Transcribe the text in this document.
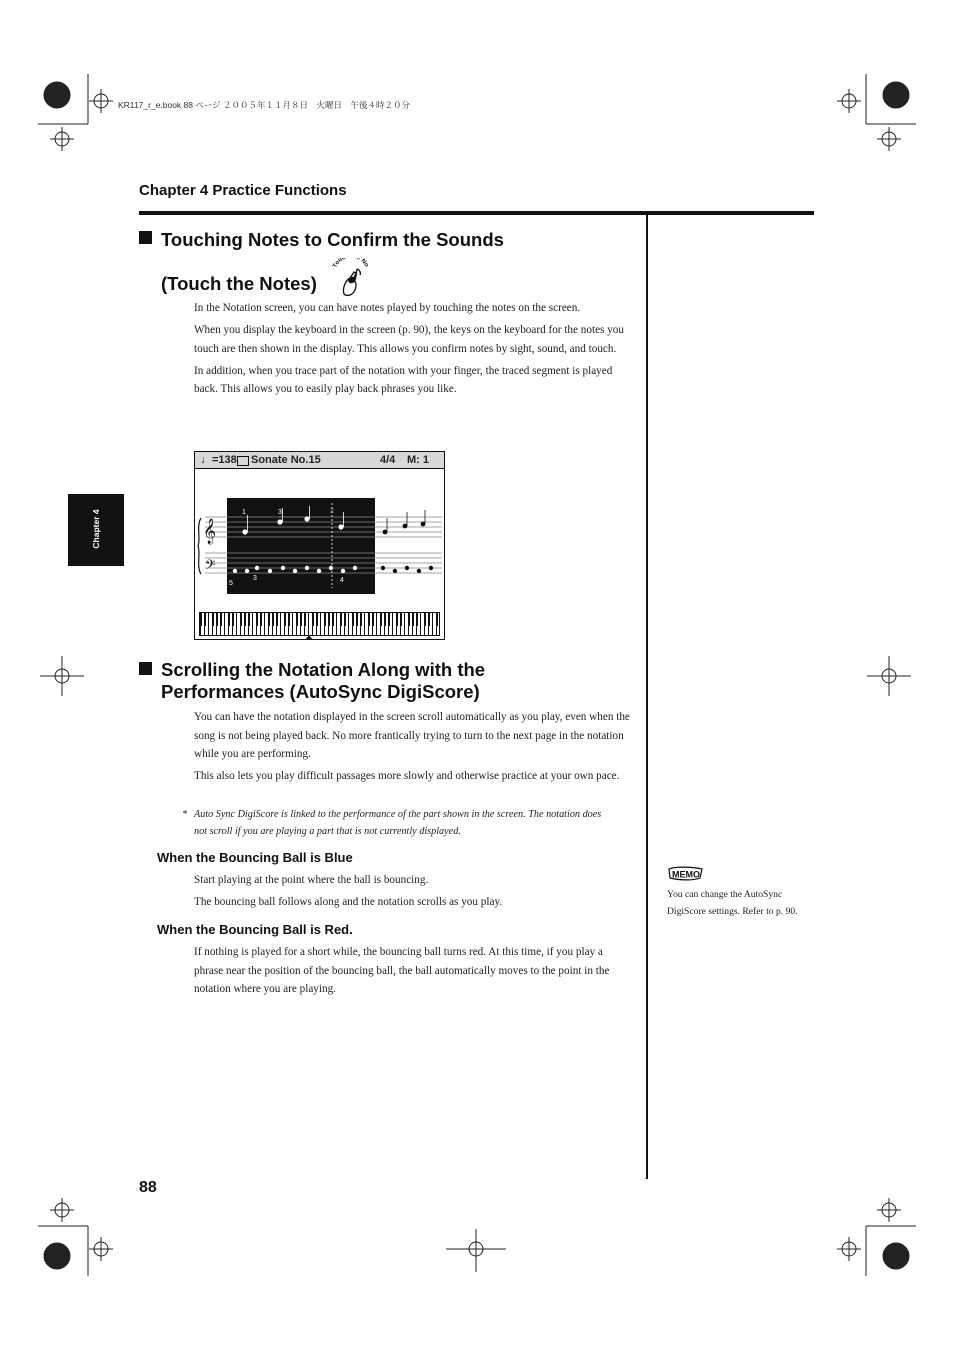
KR117_r_e.book 88 ページ ２００５年１１月８日　火曜日　午後４時２０分
Chapter 4 Practice Functions
Chapter 4
Touching Notes to Confirm the Sounds
(Touch the Notes)
Touc e No

In the Notation screen, you can have notes played by touching the notes on the screen.

When you display the keyboard in the screen (p. 90), the keys on the keyboard for the notes you touch are then shown in the display. This allows you confirm notes by sight, sound, and touch.

In addition, when you trace part of the notation with your finger, the traced segment is played back. This allows you to easily play back phrases you like.

♩=138 Sonate No.15	4/4 M: 1
𝄞
𝄢
1	3	2
5
3	4
Scrolling the Notation Along with the
Performances (AutoSync DigiScore)

You can have the notation displayed in the screen scroll automatically as you play, even when the song is not being played back. No more frantically trying to turn to the next page in the notation while you are performing.

This also lets you play difficult passages more slowly and otherwise practice at your own pace.

* Auto Sync DigiScore is linked to the performance of the part shown in the screen. The notation does not scroll if you are playing a part that is not currently displayed.
When the Bouncing Ball is Blue

Start playing at the point where the ball is bouncing.

The bouncing ball follows along and the notation scrolls as you play.

When the Bouncing Ball is Red.

If nothing is played for a short while, the bouncing ball turns red. At this time, if you play a phrase near the position of the bouncing ball, the ball automatically moves to the point in the notation where you are playing.

MEMO
You can change the AutoSync DigiScore settings. Refer to p. 90.
88
